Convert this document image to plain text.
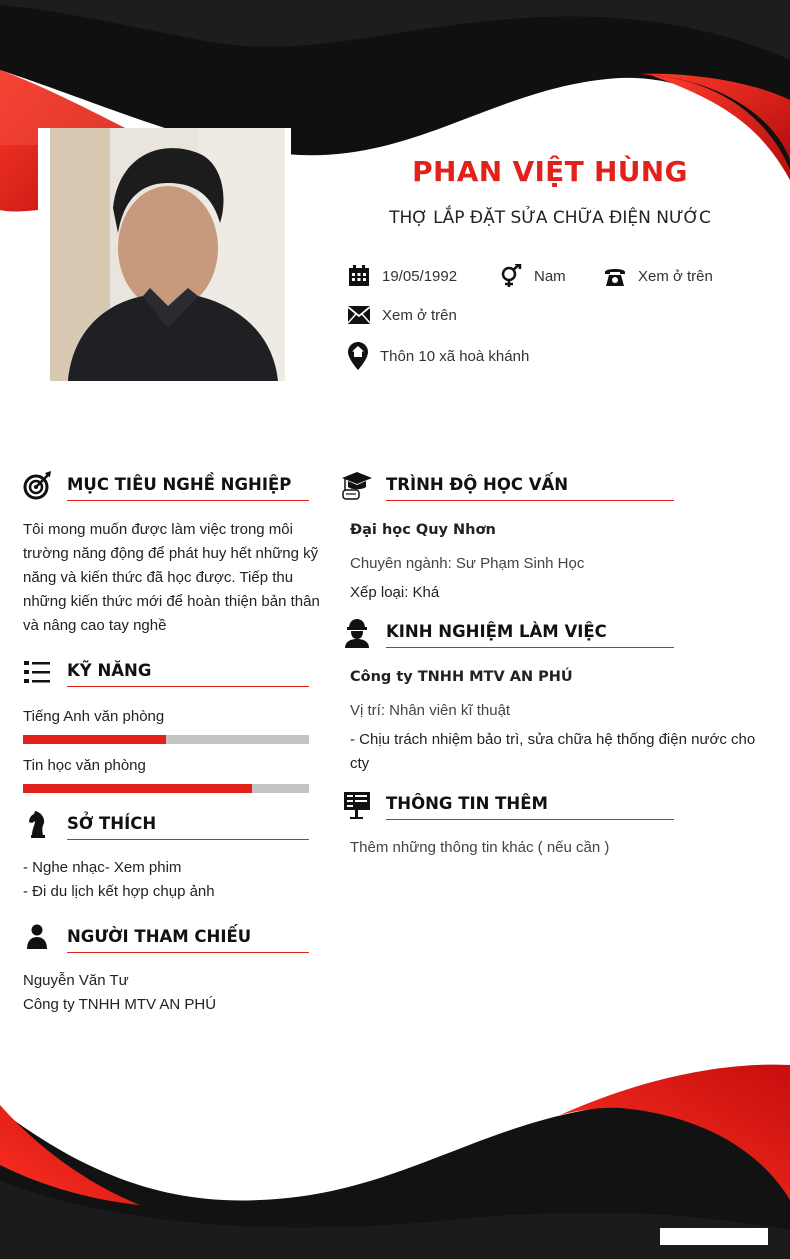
PHAN VIỆT HÙNG
THỢ LẮP ĐẶT SỬA CHỮA ĐIỆN NƯỚC
19/05/1992	Nam	Xem ở trên
Xem ở trên
Thôn 10 xã hoà khánh
MỤC TIÊU NGHỀ NGHIỆP
Tôi mong muốn được làm việc trong môi
trường năng động để phát huy hết những kỹ
năng và kiến thức đã học được. Tiếp thu
những kiến thức mới để hoàn thiện bản thân
và nâng cao tay nghề
KỸ NĂNG
Tiếng Anh văn phòng
Tin học văn phòng
SỞ THÍCH
- Nghe nhạc- Xem phim
- Đi du lịch kết hợp chụp ảnh
NGƯỜI THAM CHIẾU
Nguyễn Văn Tư
Công ty TNHH MTV AN PHÚ
TRÌNH ĐỘ HỌC VẤN
Đại học Quy Nhơn
Chuyên ngành: Sư Phạm Sinh Học
Xếp loại: Khá
KINH NGHIỆM LÀM VIỆC
Công ty TNHH MTV AN PHÚ
Vị trí: Nhân viên kĩ thuật
- Chịu trách nhiệm bảo trì, sửa chữa hệ thống điện nước cho
cty
THÔNG TIN THÊM
Thêm những thông tin khác ( nếu cần )
